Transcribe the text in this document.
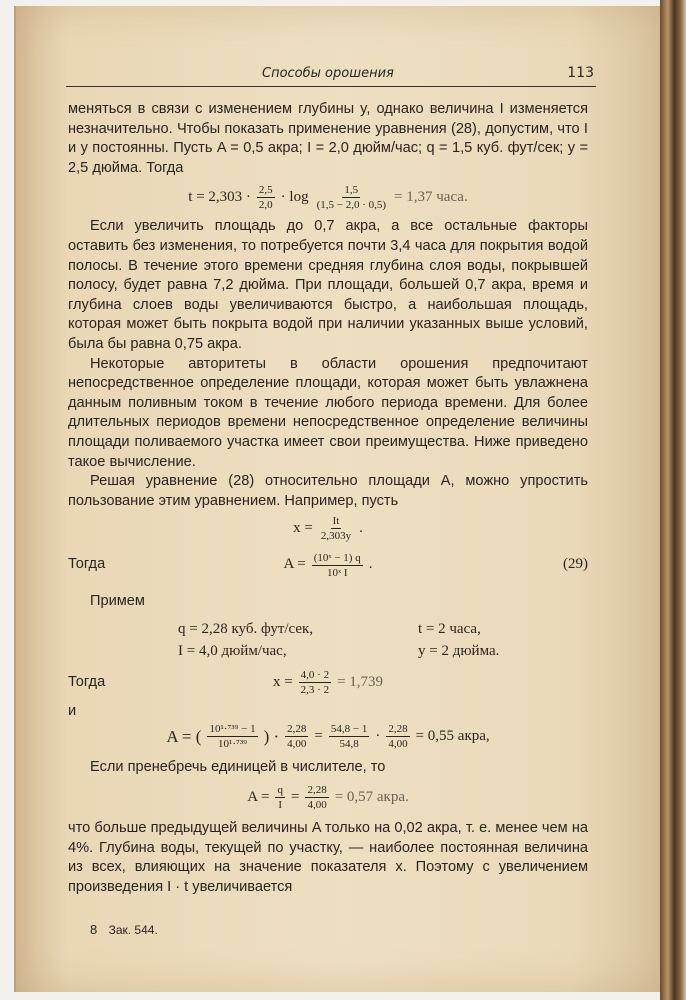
Способы орошения	113

меняться в связи с изменением глубины y, однако величина I изменяется незначительно. Чтобы показать применение уравнения (28), допустим, что I и y постоянны. Пусть A = 0,5 акра; I = 2,0 дюйм/час; q = 1,5 куб. фут/сек; y = 2,5 дюйма. Тогда

$t = 2,303 \cdot \frac{2,5}{2,0} \cdot \log \frac{1,5}{(1,5 - 2,0 \cdot 0,5)} = 1,37$ часа.

Если увеличить площадь до 0,7 акра, а все остальные факторы оставить без изменения, то потребуется почти 3,4 часа для покрытия водой полосы. В течение этого времени средняя глубина слоя воды, покрывшей полосу, будет равна 7,2 дюйма. При площади, большей 0,7 акра, время и глубина слоев воды увеличиваются быстро, а наибольшая площадь, которая может быть покрыта водой при наличии указанных выше условий, была бы равна 0,75 акра.

Некоторые авторитеты в области орошения предпочитают непосредственное определение площади, которая может быть увлажнена данным поливным током в течение любого периода времени. Для более длительных периодов времени непосредственное определение величины площади поливаемого участка имеет свои преимущества. Ниже приведено такое вычисление.

Решая уравнение (28) относительно площади A, можно упростить пользование этим уравнением. Например, пусть

$x = \frac{It}{2,303y}$ .
Тогда	$A = \frac{\text{(10ˣ − 1) q}}{\text{10ˣ I}}$ .	(29)

Примем

q = 2,28 куб. фут/сек,	t = 2 часа,
I = 4,0 дюйм/час,	y = 2 дюйма.
Тогда	$x = \frac{4,0 \cdot 2}{2,3 \cdot 2} = 1,739$

и

A = ( $\frac{\text{10¹·⁷³⁹ − 1}}{\text{10¹·⁷³⁹}}$ ) · $\frac{2,28}{4,00} = \frac{54,8 - 1}{54,8} \cdot \frac{2,28}{4,00} = 0,55$ акра,

Если пренебречь единицей в числителе, то

$A = \frac{q}{I} = \frac{2,28}{4,00} = 0,57$ акра.

что больше предыдущей величины A только на 0,02 акра, т. е. менее чем на 4%. Глубина воды, текущей по участку, — наиболее постоянная величина из всех, влияющих на значение показателя x. Поэтому с увеличением произведения I · t увеличивается

8 Зак. 544.
